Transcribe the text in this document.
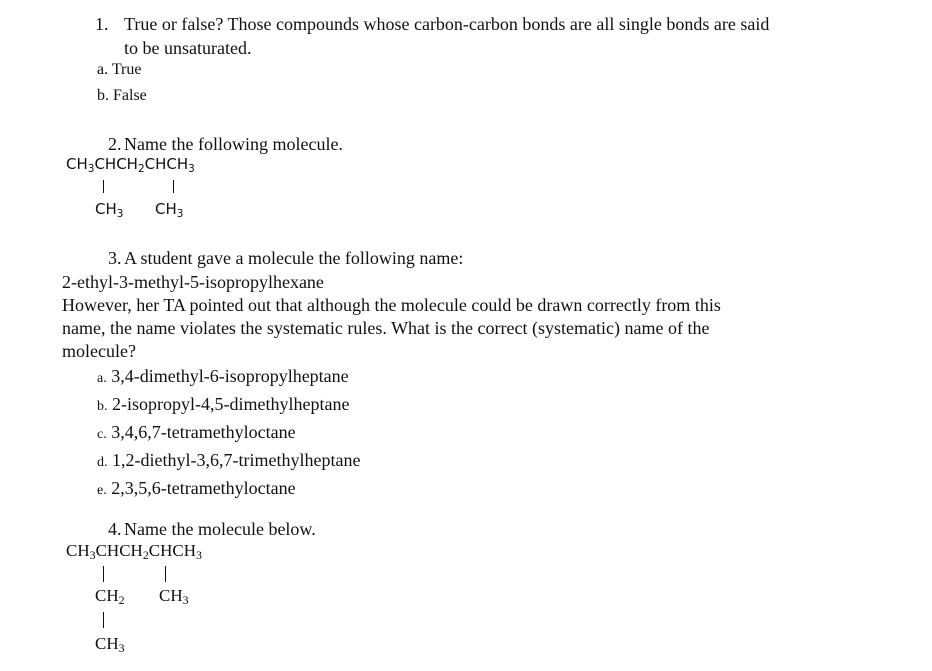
1. True or false? Those compounds whose carbon-carbon bonds are all single bonds are said
to be unsaturated.
a. True
b. False
2. Name the following molecule.
$CH_3CHCH_2CHCH_3$
$CH_3$ $CH_3$
3. A student gave a molecule the following name:
2-ethyl-3-methyl-5-isopropylhexane
However, her TA pointed out that although the molecule could be drawn correctly from this
name, the name violates the systematic rules. What is the correct (systematic) name of the
molecule?
a. 3,4-dimethyl-6-isopropylheptane
b. 2-isopropyl-4,5-dimethylheptane
c. 3,4,6,7-tetramethyloctane
d. 1,2-diethyl-3,6,7-trimethylheptane
e. 2,3,5,6-tetramethyloctane
4. Name the molecule below.
$CH_3CHCH_2CHCH_3$
$CH_2$ $CH_3$
$CH_3$
